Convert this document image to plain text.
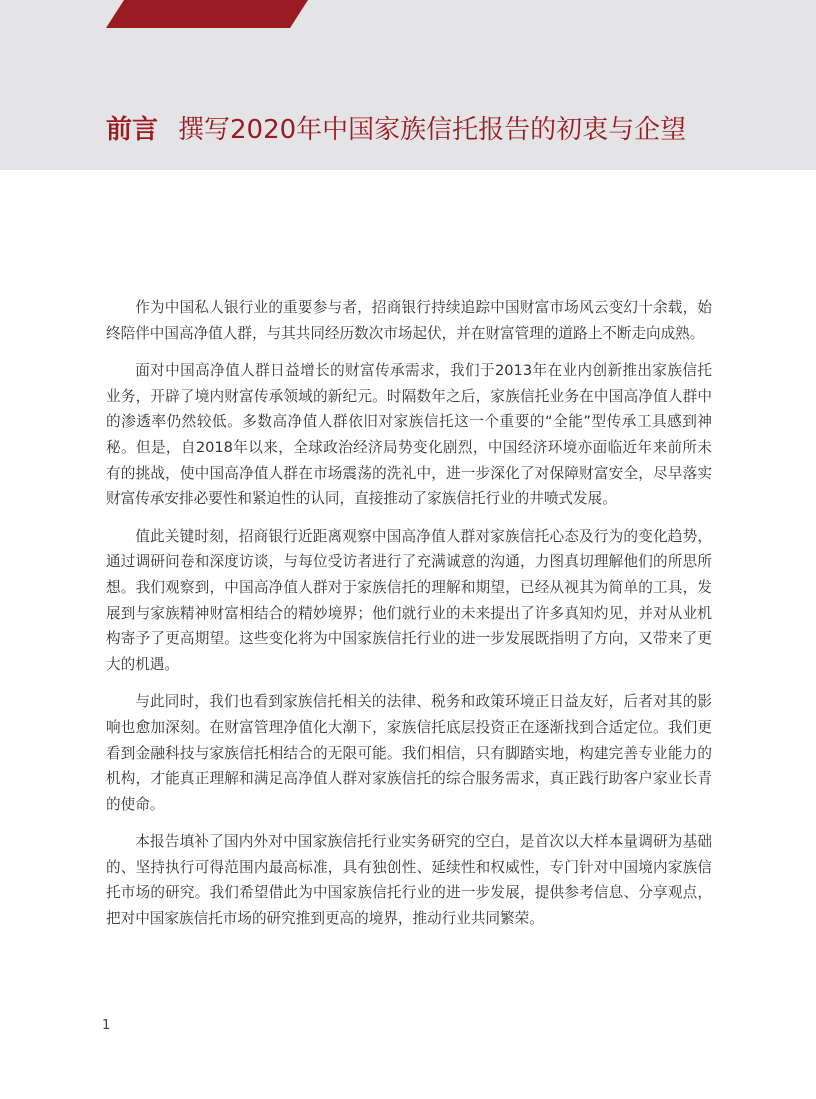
前言 撰写2020年中国家族信托报告的初衷与企望

作为中国私人银行业的重要参与者，招商银行持续追踪中国财富市场风云变幻十余载，始终陪伴中国高净值人群，与其共同经历数次市场起伏，并在财富管理的道路上不断走向成熟。

面对中国高净值人群日益增长的财富传承需求，我们于2013年在业内创新推出家族信托业务，开辟了境内财富传承领域的新纪元。时隔数年之后，家族信托业务在中国高净值人群中的渗透率仍然较低。多数高净值人群依旧对家族信托这一个重要的“全能”型传承工具感到神秘。但是，自2018年以来，全球政治经济局势变化剧烈，中国经济环境亦面临近年来前所未有的挑战，使中国高净值人群在市场震荡的洗礼中，进一步深化了对保障财富安全，尽早落实财富传承安排必要性和紧迫性的认同，直接推动了家族信托行业的井喷式发展。

值此关键时刻，招商银行近距离观察中国高净值人群对家族信托心态及行为的变化趋势，通过调研问卷和深度访谈，与每位受访者进行了充满诚意的沟通，力图真切理解他们的所思所想。我们观察到，中国高净值人群对于家族信托的理解和期望，已经从视其为简单的工具，发展到与家族精神财富相结合的精妙境界；他们就行业的未来提出了许多真知灼见，并对从业机构寄予了更高期望。这些变化将为中国家族信托行业的进一步发展既指明了方向，又带来了更大的机遇。

与此同时，我们也看到家族信托相关的法律、税务和政策环境正日益友好，后者对其的影响也愈加深刻。在财富管理净值化大潮下，家族信托底层投资正在逐渐找到合适定位。我们更看到金融科技与家族信托相结合的无限可能。我们相信，只有脚踏实地，构建完善专业能力的机构，才能真正理解和满足高净值人群对家族信托的综合服务需求，真正践行助客户家业长青的使命。

本报告填补了国内外对中国家族信托行业实务研究的空白，是首次以大样本量调研为基础的、坚持执行可得范围内最高标准，具有独创性、延续性和权威性，专门针对中国境内家族信托市场的研究。我们希望借此为中国家族信托行业的进一步发展，提供参考信息、分享观点，把对中国家族信托市场的研究推到更高的境界，推动行业共同繁荣。

1
